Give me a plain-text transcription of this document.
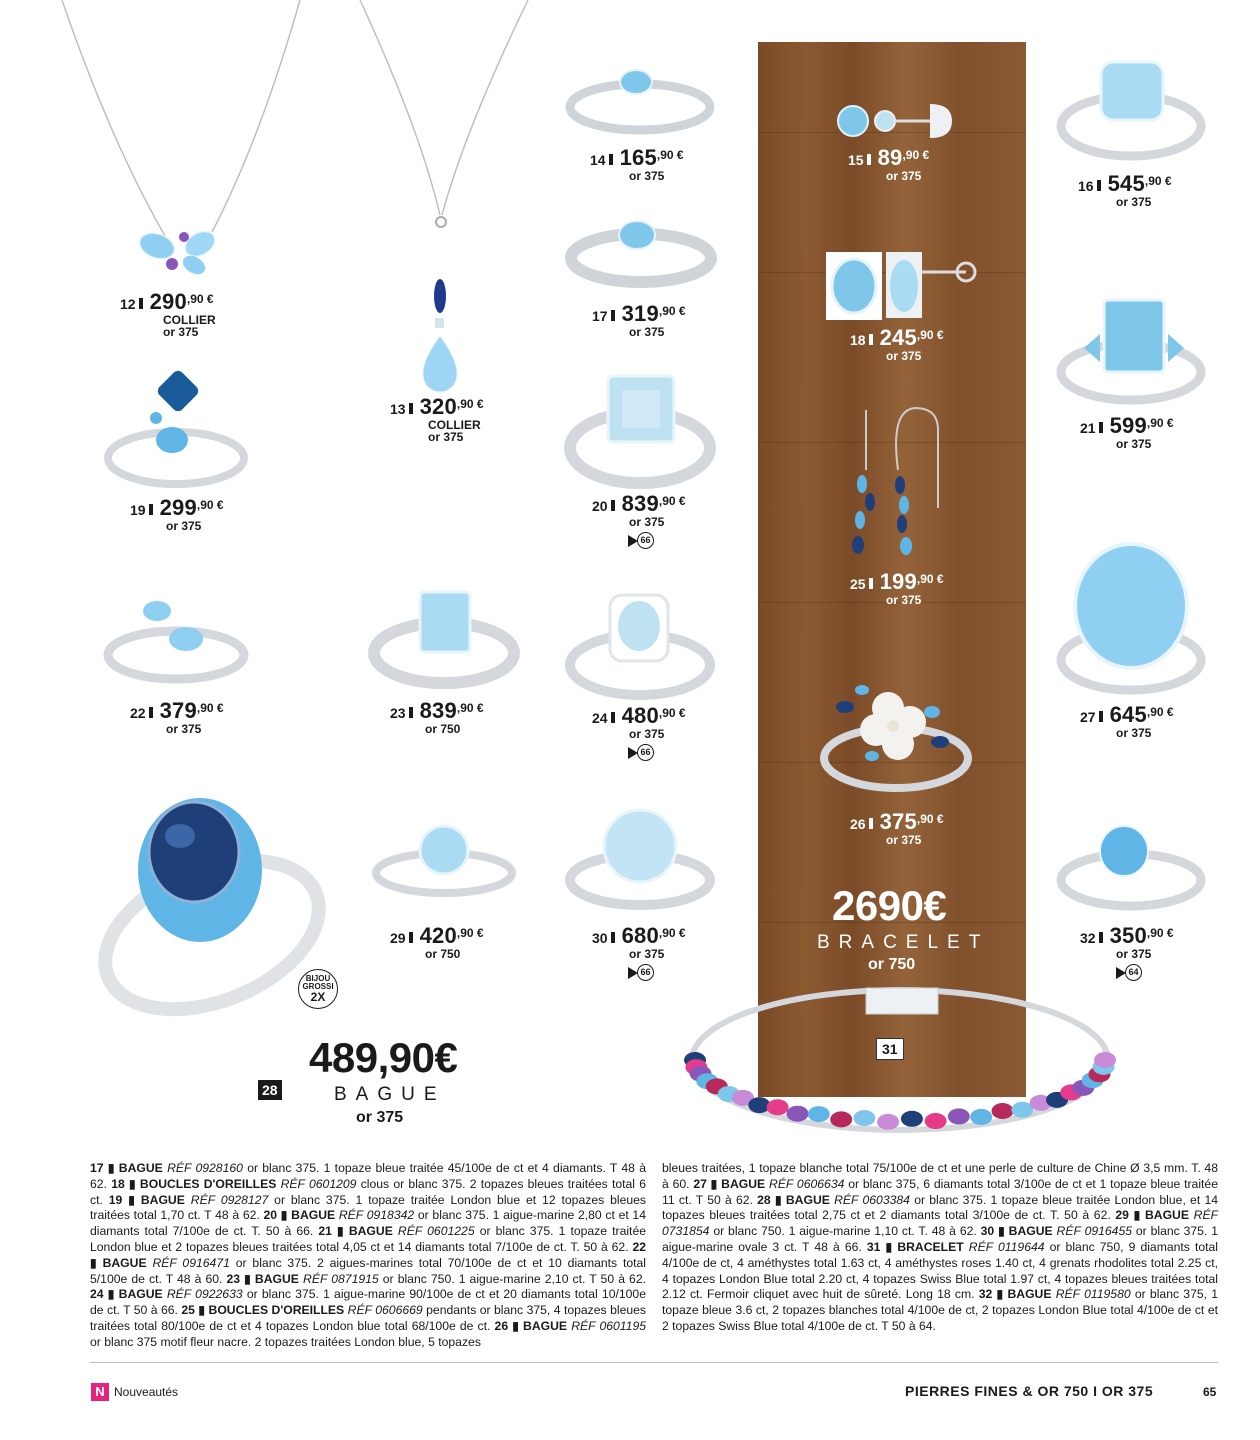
12 $290^{,90 €}$
COLLIER
or 375
13 $320^{,90 €}$
COLLIER
or 375
14 $165^{,90 €}$
or 375
15 $89^{,90 €}$
or 375
16 $545^{,90 €}$
or 375
17 $319^{,90 €}$
or 375
18 $245^{,90 €}$
or 375
19 $299^{,90 €}$
or 375
20 $839^{,90 €}$
or 375
66
21 $599^{,90 €}$
or 375
25 $199^{,90 €}$
or 375
22 $379^{,90 €}$
or 375
23 $839^{,90 €}$
or 750
24 $480^{,90 €}$
or 375
66
27 $645^{,90 €}$
or 375
26 $375^{,90 €}$
or 375
29 $420^{,90 €}$
or 750
30 $680^{,90 €}$
or 375
66
32 $350^{,90 €}$
or 375
64
2690€
BRACELET
or 750
31
BIJOU
GROSSI
2X
489,90€
BAGUE
or 375
28
17 ▮ BAGUE RÉF 0928160 or blanc 375. 1 topaze bleue traitée 45/100e de ct et 4 diamants. T 48 à 62. 18 ▮ BOUCLES D'OREILLES RÉF 0601209 clous or blanc 375. 2 topazes bleues traitées total 6 ct. 19 ▮ BAGUE RÉF 0928127 or blanc 375. 1 topaze traitée London blue et 12 topazes bleues traitées total 1,70 ct. T 48 à 62. 20 ▮ BAGUE RÉF 0918342 or blanc 375. 1 aigue-marine 2,80 ct et 14 diamants total 7/100e de ct. T. 50 à 66. 21 ▮ BAGUE RÉF 0601225 or blanc 375. 1 topaze traitée London blue et 2 topazes bleues traitées total 4,05 ct et 14 diamants total 7/100e de ct. T. 50 à 62. 22 ▮ BAGUE RÉF 0916471 or blanc 375. 2 aigues-marines total 70/100e de ct et 10 diamants total 5/100e de ct. T 48 à 60. 23 ▮ BAGUE RÉF 0871915 or blanc 750. 1 aigue-marine 2,10 ct. T 50 à 62. 24 ▮ BAGUE RÉF 0922633 or blanc 375. 1 aigue-marine 90/100e de ct et 20 diamants total 10/100e de ct. T 50 à 66. 25 ▮ BOUCLES D'OREILLES RÉF 0606669 pendants or blanc 375, 4 topazes bleues traitées total 80/100e de ct et 4 topazes London blue total 68/100e de ct. 26 ▮ BAGUE RÉF 0601195 or blanc 375 motif fleur nacre. 2 topazes traitées London blue, 5 topazes

bleues traitées, 1 topaze blanche total 75/100e de ct et une perle de culture de Chine Ø 3,5 mm. T. 48 à 60. 27 ▮ BAGUE RÉF 0606634 or blanc 375, 6 diamants total 3/100e de ct et 1 topaze bleue traitée 11 ct. T 50 à 62. 28 ▮ BAGUE RÉF 0603384 or blanc 375. 1 topaze bleue traitée London blue, et 14 topazes bleues traitées total 2,75 ct et 2 diamants total 3/100e de ct. T. 50 à 62. 29 ▮ BAGUE RÉF 0731854 or blanc 750. 1 aigue-marine 1,10 ct. T. 48 à 62. 30 ▮ BAGUE RÉF 0916455 or blanc 375. 1 aigue-marine ovale 3 ct. T 48 à 66. 31 ▮ BRACELET RÉF 0119644 or blanc 750, 9 diamants total 4/100e de ct, 4 améthystes total 1.63 ct, 4 améthystes roses 1.40 ct, 4 grenats rhodolites total 2.25 ct, 4 topazes London Blue total 2.20 ct, 4 topazes Swiss Blue total 1.97 ct, 4 topazes bleues traitées total 2.12 ct. Fermoir cliquet avec huit de sûreté. Long 18 cm. 32 ▮ BAGUE RÉF 0119580 or blanc 375, 1 topaze bleue 3.6 ct, 2 topazes blanches total 4/100e de ct, 2 topazes London Blue total 4/100e de ct et 2 topazes Swiss Blue total 4/100e de ct. T 50 à 64.
N Nouveautés	PIERRES FINES & OR 750 I OR 375	65
